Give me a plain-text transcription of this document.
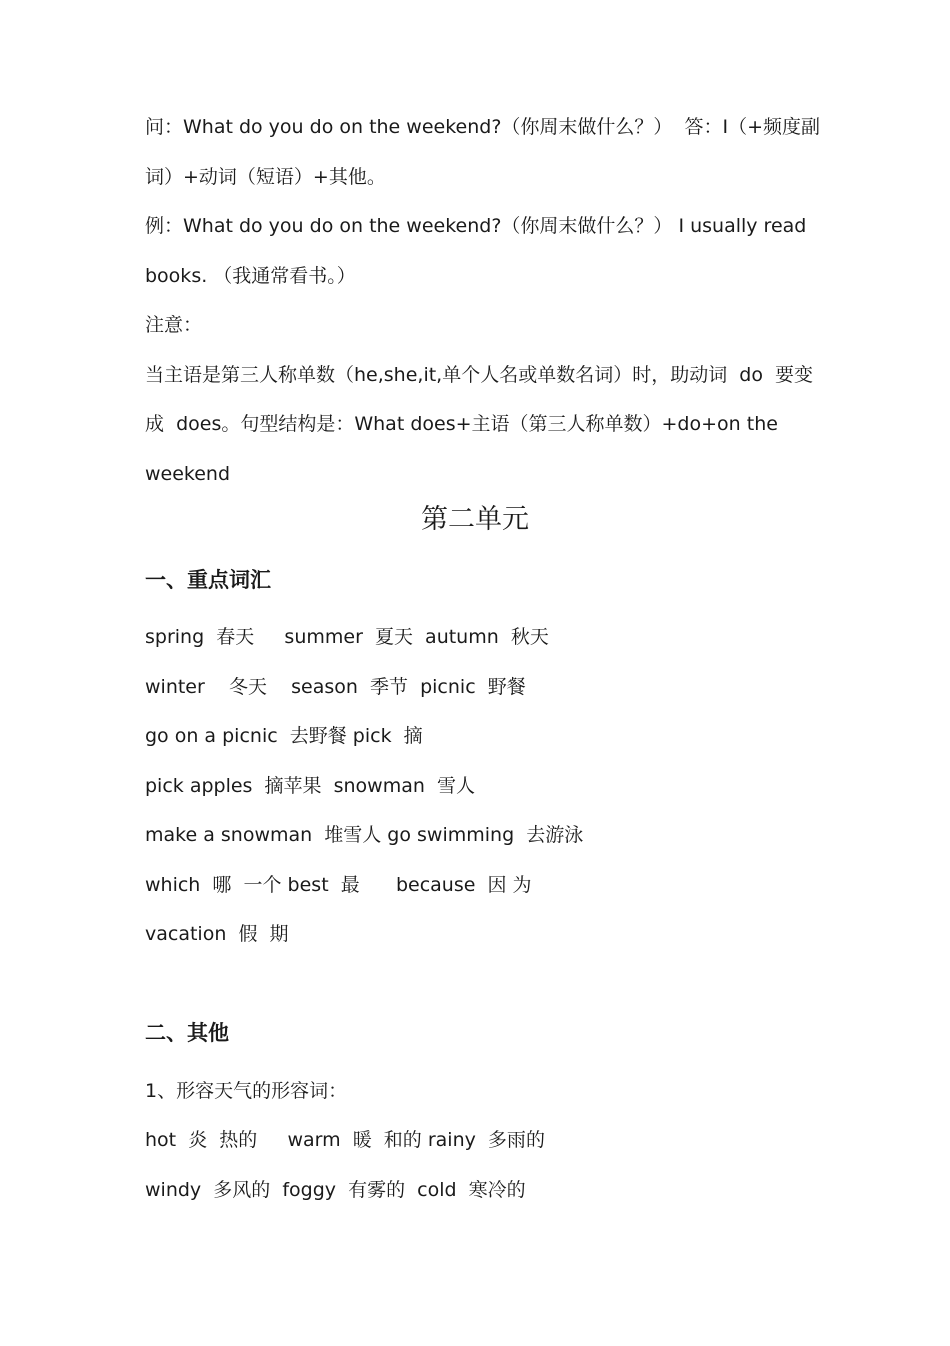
问：What do you do on the weekend?（你周末做什么？）  答：I（+频度副
词）+动词（短语）+其他。
例：What do you do on the weekend?（你周末做什么？） I usually read
books. （我通常看书。）
注意：
当主语是第三人称单数（he,she,it,单个人名或单数名词）时，助动词  do  要变
成  does。句型结构是：What does+主语（第三人称单数）+do+on the
weekend
第二单元
一、重点词汇
spring  春天     summer  夏天  autumn  秋天
winter    冬天    season  季节  picnic  野餐
go on a picnic  去野餐 pick  摘
pick apples  摘苹果  snowman  雪人
make a snowman  堆雪人 go swimming  去游泳
which  哪  一个 best  最      because  因 为
vacation  假  期
二、其他
1、形容天气的形容词：
hot  炎  热的     warm  暖  和的 rainy  多雨的
windy  多风的  foggy  有雾的  cold  寒冷的
